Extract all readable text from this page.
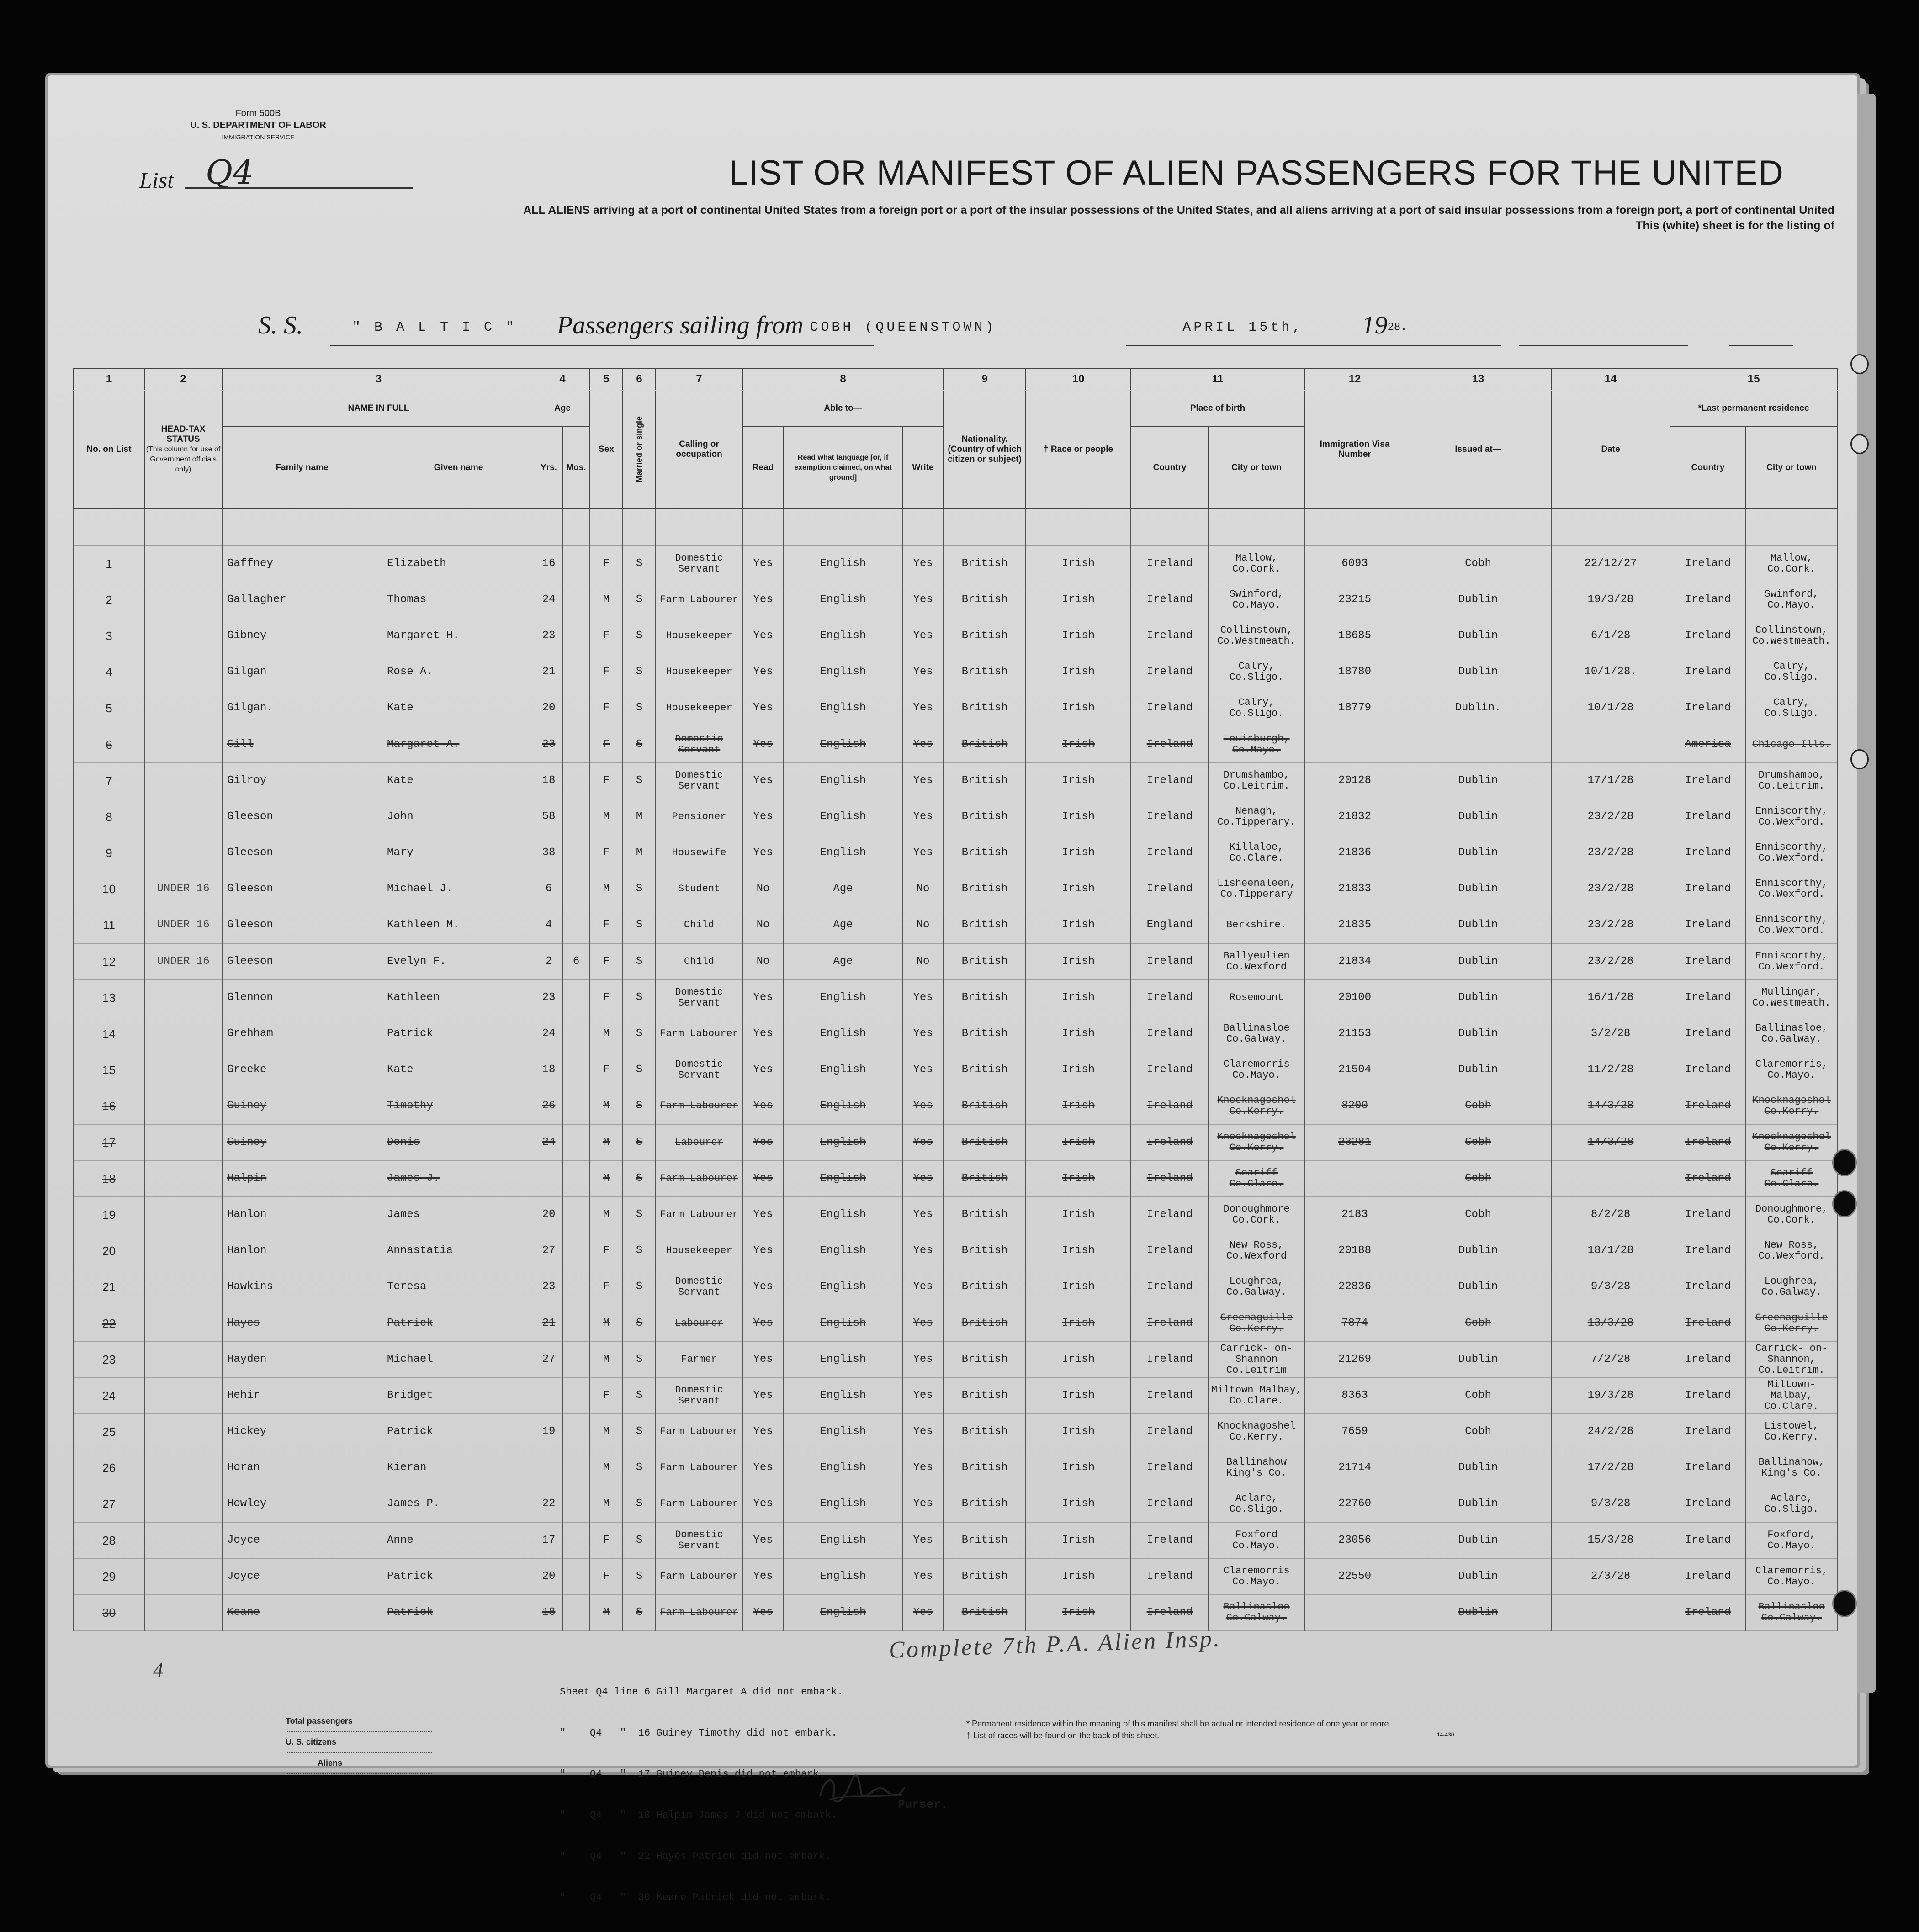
Form 500B
U. S. DEPARTMENT OF LABOR
IMMIGRATION SERVICE
List Q4	LIST OR MANIFEST OF ALIEN PASSENGERS FOR THE UNITED
ALL ALIENS arriving at a port of continental United States from a foreign port or a port of the insular possessions of the United States, and all aliens arriving at a port of said insular possessions from a foreign port, a port of continental United
This (white) sheet is for the listing of
S. S.	" B A L T I C " Passengers sailing from COBH (QUEENSTOWN)	APRIL 15th, 1928.
1	2	3		4		5	6	7	8			9	10	11		12	13	14	15	
No. on List	HEAD-TAX STATUS
(This column for use of Government officials only)	NAME IN FULL		Age		Sex	Married or single	Calling or occupation	Able to—			Nationality. (Country of which citizen or subject)	† Race or people	Place of birth		Immigration Visa Number	Issued at—	Date	*Last permanent residence	
		Family name	Given name	Yrs.	Mos.				Read	Read what language [or, if exemption claimed, on what ground]	Write			Country	City or town				Country	City or town

1		Gaffney	Elizabeth	16		F	S	Domestic Servant	Yes	English	Yes	British	Irish	Ireland	Mallow, Co.Cork.	6093	Cobh	22/12/27	Ireland	Mallow, Co.Cork.
2		Gallagher	Thomas	24		M	S	Farm Labourer	Yes	English	Yes	British	Irish	Ireland	Swinford, Co.Mayo.	23215	Dublin	19/3/28	Ireland	Swinford, Co.Mayo.
3		Gibney	Margaret H.	23		F	S	Housekeeper	Yes	English	Yes	British	Irish	Ireland	Collinstown, Co.Westmeath.	18685	Dublin	6/1/28	Ireland	Collinstown, Co.Westmeath.
4		Gilgan	Rose A.	21		F	S	Housekeeper	Yes	English	Yes	British	Irish	Ireland	Calry, Co.Sligo.	18780	Dublin	10/1/28.	Ireland	Calry, Co.Sligo.
5		Gilgan.	Kate	20		F	S	Housekeeper	Yes	English	Yes	British	Irish	Ireland	Calry, Co.Sligo.	18779	Dublin.	10/1/28	Ireland	Calry, Co.Sligo.
6		Gill	Margaret A.	23		F	S	Domestic Servant	Yes	English	Yes	British	Irish	Ireland	Louisburgh, Co.Mayo.				America	Chicago Ills.
7		Gilroy	Kate	18		F	S	Domestic Servant	Yes	English	Yes	British	Irish	Ireland	Drumshambo, Co.Leitrim.	20128	Dublin	17/1/28	Ireland	Drumshambo, Co.Leitrim.
8		Gleeson	John	58		M	M	Pensioner	Yes	English	Yes	British	Irish	Ireland	Nenagh, Co.Tipperary.	21832	Dublin	23/2/28	Ireland	Enniscorthy, Co.Wexford.
9		Gleeson	Mary	38		F	M	Housewife	Yes	English	Yes	British	Irish	Ireland	Killaloe, Co.Clare.	21836	Dublin	23/2/28	Ireland	Enniscorthy, Co.Wexford.
10	UNDER 16	Gleeson	Michael J.	6		M	S	Student	No	Age	No	British	Irish	Ireland	Lisheenaleen, Co.Tipperary	21833	Dublin	23/2/28	Ireland	Enniscorthy, Co.Wexford.
11	UNDER 16	Gleeson	Kathleen M.	4		F	S	Child	No	Age	No	British	Irish	England	Berkshire.	21835	Dublin	23/2/28	Ireland	Enniscorthy, Co.Wexford.
12	UNDER 16	Gleeson	Evelyn F.	2	6	F	S	Child	No	Age	No	British	Irish	Ireland	Ballyeulien Co.Wexford	21834	Dublin	23/2/28	Ireland	Enniscorthy, Co.Wexford.
13		Glennon	Kathleen	23		F	S	Domestic Servant	Yes	English	Yes	British	Irish	Ireland	Rosemount	20100	Dublin	16/1/28	Ireland	Mullingar, Co.Westmeath.
14		Grehham	Patrick	24		M	S	Farm Labourer	Yes	English	Yes	British	Irish	Ireland	Ballinasloe Co.Galway.	21153	Dublin	3/2/28	Ireland	Ballinasloe, Co.Galway.
15		Greeke	Kate	18		F	S	Domestic Servant	Yes	English	Yes	British	Irish	Ireland	Claremorris Co.Mayo.	21504	Dublin	11/2/28	Ireland	Claremorris, Co.Mayo.
16		Guiney	Timothy	26		M	S	Farm Labourer	Yes	English	Yes	British	Irish	Ireland	Knocknagoshel Co.Kerry.	8200	Cobh	14/3/28	Ireland	Knocknagoshel Co.Kerry.
17		Guiney	Denis	24		M	S	Labourer	Yes	English	Yes	British	Irish	Ireland	Knocknagoshel Co.Kerry.	23281	Cobh	14/3/28	Ireland	Knocknagoshel Co.Kerry.
18		Halpin	James J.			M	S	Farm Labourer	Yes	English	Yes	British	Irish	Ireland	Scariff Co.Clare.		Cobh		Ireland	Scariff Co.Clare.
19		Hanlon	James	20		M	S	Farm Labourer	Yes	English	Yes	British	Irish	Ireland	Donoughmore Co.Cork.	2183	Cobh	8/2/28	Ireland	Donoughmore, Co.Cork.
20		Hanlon	Annastatia	27		F	S	Housekeeper	Yes	English	Yes	British	Irish	Ireland	New Ross, Co.Wexford	20188	Dublin	18/1/28	Ireland	New Ross, Co.Wexford.
21		Hawkins	Teresa	23		F	S	Domestic Servant	Yes	English	Yes	British	Irish	Ireland	Loughrea, Co.Galway.	22836	Dublin	9/3/28	Ireland	Loughrea, Co.Galway.
22		Hayes	Patrick	21		M	S	Labourer	Yes	English	Yes	British	Irish	Ireland	Greenaguille Co.Kerry.	7874	Cobh	13/3/28	Ireland	Greenaguille Co.Kerry.
23		Hayden	Michael	27		M	S	Farmer	Yes	English	Yes	British	Irish	Ireland	Carrick- on-Shannon Co.Leitrim	21269	Dublin	7/2/28	Ireland	Carrick- on-Shannon, Co.Leitrim.
24		Hehir	Bridget			F	S	Domestic Servant	Yes	English	Yes	British	Irish	Ireland	Miltown Malbay, Co.Clare.	8363	Cobh	19/3/28	Ireland	Miltown- Malbay, Co.Clare.
25		Hickey	Patrick	19		M	S	Farm Labourer	Yes	English	Yes	British	Irish	Ireland	Knocknagoshel Co.Kerry.	7659	Cobh	24/2/28	Ireland	Listowel, Co.Kerry.
26		Horan	Kieran			M	S	Farm Labourer	Yes	English	Yes	British	Irish	Ireland	Ballinahow King's Co.	21714	Dublin	17/2/28	Ireland	Ballinahow, King's Co.
27		Howley	James P.	22		M	S	Farm Labourer	Yes	English	Yes	British	Irish	Ireland	Aclare, Co.Sligo.	22760	Dublin	9/3/28	Ireland	Aclare, Co.Sligo.
28		Joyce	Anne	17		F	S	Domestic Servant	Yes	English	Yes	British	Irish	Ireland	Foxford Co.Mayo.	23056	Dublin	15/3/28	Ireland	Foxford, Co.Mayo.
29		Joyce	Patrick	20		F	S	Farm Labourer	Yes	English	Yes	British	Irish	Ireland	Claremorris Co.Mayo.	22550	Dublin	2/3/28	Ireland	Claremorris, Co.Mayo.
30		Keane	Patrick	18		M	S	Farm Labourer	Yes	English	Yes	British	Irish	Ireland	Ballinasloe Co.Galway.		Dublin		Ireland	Ballinasloe Co.Galway.
Complete 7th P.A. Alien Insp.
4

Sheet Q4 line 6 Gill Margaret A did not embark.

"    Q4   "  16 Guiney Timothy did not embark.

"    Q4   "  17 Guiney Denis did not embark.

"    Q4   "  18 Halpin James J did not embark.

"    Q4   "  22 Hayes Patrick did not embark.

"    Q4   "  30 Keane Patrick did not embark.

Total passengers
U. S. citizens
Aliens
* Permanent residence within the meaning of this manifest shall be actual or intended residence of one year or more.
† List of races will be found on the back of this sheet.	14-430
Purser.
